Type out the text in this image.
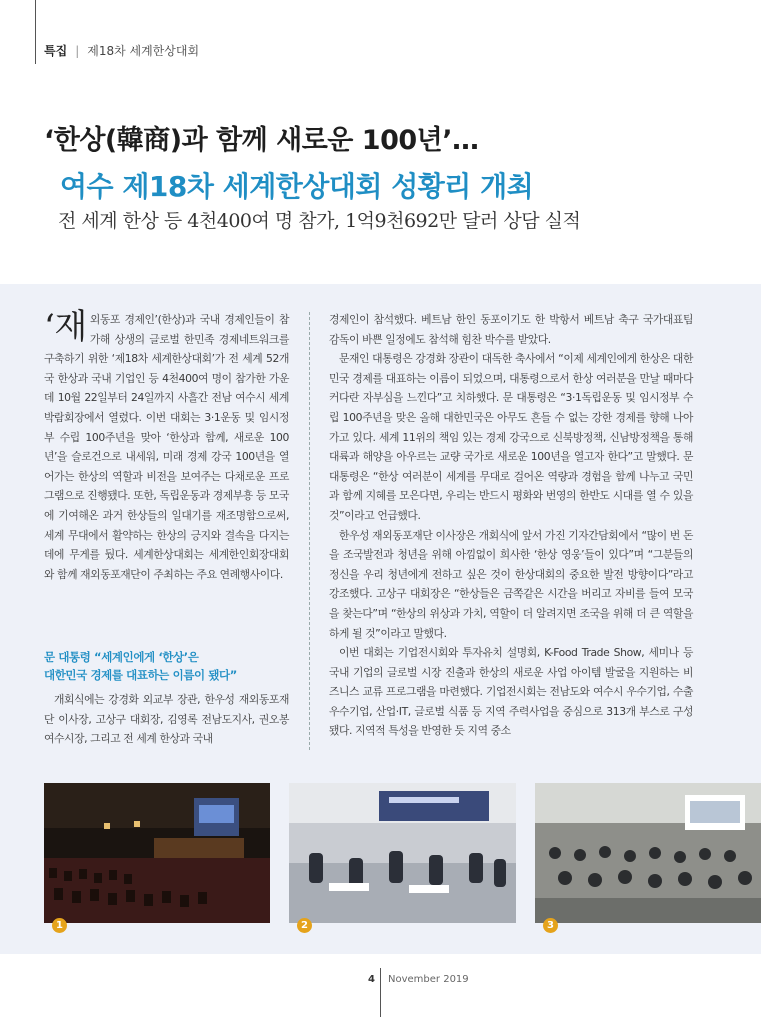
특집 | 제18차 세계한상대회
‘한상(韓商)과 함께 새로운 100년’…
여수 제18차 세계한상대회 성황리 개최
전 세계 한상 등 4천400여 명 참가, 1억9천692만 달러 상담 실적

‘재외동포 경제인’(한상)과 국내 경제인들이 참가해 상생의 글로벌 한민족 경제네트워크를 구축하기 위한 ‘제18차 세계한상대회’가 전 세계 52개국 한상과 국내 기업인 등 4천400여 명이 참가한 가운데 10월 22일부터 24일까지 사흘간 전남 여수시 세계박람회장에서 열렸다. 이번 대회는 3·1운동 및 임시정부 수립 100주년을 맞아 ‘한상과 함께, 새로운 100년’을 슬로건으로 내세워, 미래 경제 강국 100년을 열어가는 한상의 역할과 비전을 보여주는 다채로운 프로그램으로 진행됐다. 또한, 독립운동과 경제부흥 등 모국에 기여해온 과거 한상들의 일대기를 재조명함으로써, 세계 무대에서 활약하는 한상의 긍지와 결속을 다지는 데에 무게를 뒀다. 세계한상대회는 세계한인회장대회와 함께 재외동포재단이 주최하는 주요 연례행사이다.

문 대통령 “세계인에게 ‘한상’은
대한민국 경제를 대표하는 이름이 됐다”

개회식에는 강경화 외교부 장관, 한우성 재외동포재단 이사장, 고상구 대회장, 김영록 전남도지사, 권오봉 여수시장, 그리고 전 세계 한상과 국내

경제인이 참석했다. 베트남 한인 동포이기도 한 박항서 베트남 축구 국가대표팀 감독이 바쁜 일정에도 참석해 힘찬 박수를 받았다.

문재인 대통령은 강경화 장관이 대독한 축사에서 “이제 세계인에게 한상은 대한민국 경제를 대표하는 이름이 되었으며, 대통령으로서 한상 여러분을 만날 때마다 커다란 자부심을 느낀다”고 치하했다. 문 대통령은 “3·1독립운동 및 임시정부 수립 100주년을 맞은 올해 대한민국은 아무도 흔들 수 없는 강한 경제를 향해 나아가고 있다. 세계 11위의 책임 있는 경제 강국으로 신북방정책, 신남방정책을 통해 대륙과 해양을 아우르는 교량 국가로 새로운 100년을 열고자 한다”고 말했다. 문 대통령은 “한상 여러분이 세계를 무대로 걸어온 역량과 경험을 함께 나누고 국민과 함께 지혜를 모은다면, 우리는 반드시 평화와 번영의 한반도 시대를 열 수 있을 것”이라고 언급했다.

한우성 재외동포재단 이사장은 개회식에 앞서 가진 기자간담회에서 “많이 번 돈을 조국발전과 청년을 위해 아낌없이 희사한 ‘한상 영웅’들이 있다”며 “그분들의 정신을 우리 청년에게 전하고 싶은 것이 한상대회의 중요한 발전 방향이다”라고 강조했다. 고상구 대회장은 “한상들은 금쪽같은 시간을 버리고 자비를 들여 모국을 찾는다”며 “한상의 위상과 가치, 역할이 더 알려지면 조국을 위해 더 큰 역할을 하게 될 것”이라고 말했다.

이번 대회는 기업전시회와 투자유치 설명회, K-Food Trade Show, 세미나 등 국내 기업의 글로벌 시장 진출과 한상의 새로운 사업 아이템 발굴을 지원하는 비즈니스 교류 프로그램을 마련했다. 기업전시회는 전남도와 여수시 우수기업, 수출 우수기업, 산업·IT, 글로벌 식품 등 지역 주력사업을 중심으로 313개 부스로 구성됐다. 지역적 특성을 반영한 듯 지역 중소

1	2	3
4 November 2019
